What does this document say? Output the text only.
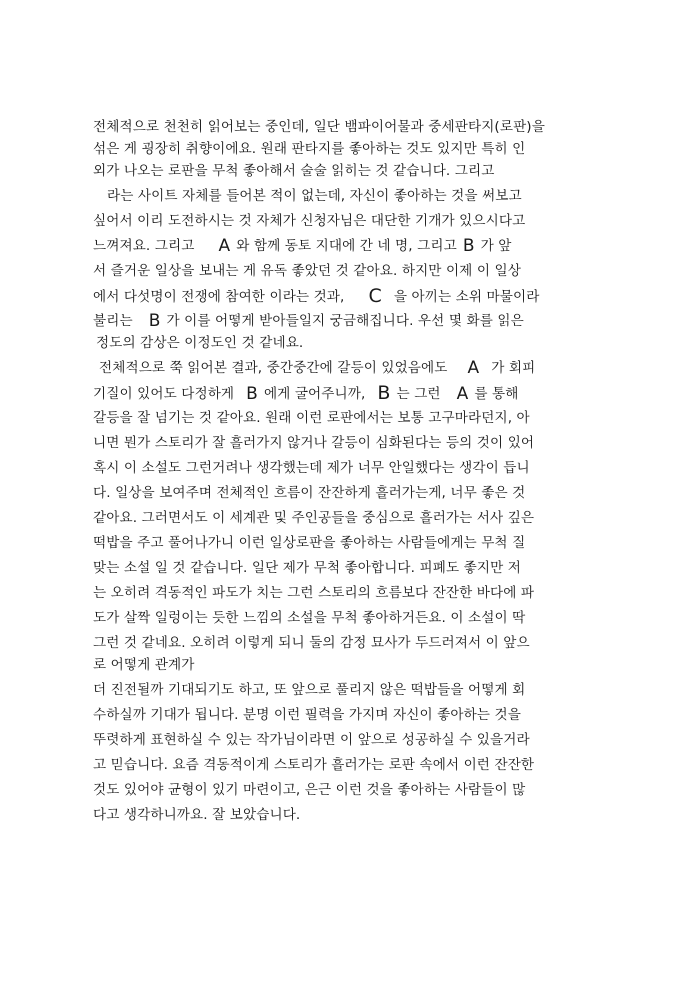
전체적으로 천천히 읽어보는 중인데, 일단 뱀파이어물과 중세판타지(로판)을
섞은 게 굉장히 취향이에요. 원래 판타지를 좋아하는 것도 있지만 특히 인
외가 나오는 로판을 무척 좋아해서 술술 읽히는 것 같습니다. 그리고
라는 사이트 자체를 들어본 적이 없는데, 자신이 좋아하는 것을 써보고
싶어서 이리 도전하시는 것 자체가 신청자님은 대단한 기개가 있으시다고
느껴져요. 그리고 A 와 함께 동토 지대에 간 네 명, 그리고 B 가 앞
서 즐거운 일상을 보내는 게 유독 좋았던 것 같아요. 하지만 이제 이 일상
에서 다섯명이 전쟁에 참여한 이라는 것과, C 을 아끼는 소위 마물이라
불리는 B 가 이를 어떻게 받아들일지 궁금해집니다. 우선 몇 화를 읽은
정도의 감상은 이정도인 것 같네요.
전체적으로 쭉 읽어본 결과, 중간중간에 갈등이 있었음에도 A 가 회피
기질이 있어도 다정하게 B 에게 굴어주니까, B 는 그런 A 를 통해
갈등을 잘 넘기는 것 같아요. 원래 이런 로판에서는 보통 고구마라던지, 아
니면 뭔가 스토리가 잘 흘러가지 않거나 갈등이 심화된다는 등의 것이 있어
혹시 이 소설도 그런거려나 생각했는데 제가 너무 안일했다는 생각이 듭니
다. 일상을 보여주며 전체적인 흐름이 잔잔하게 흘러가는게, 너무 좋은 것
같아요. 그러면서도 이 세계관 및 주인공들을 중심으로 흘러가는 서사 깊은
떡밥을 주고 풀어나가니 이런 일상로판을 좋아하는 사람들에게는 무척 질
맞는 소설 일 것 같습니다. 일단 제가 무척 좋아합니다. 피폐도 좋지만 저
는 오히려 격동적인 파도가 치는 그런 스토리의 흐름보다 잔잔한 바다에 파
도가 살짝 일렁이는 듯한 느낌의 소설을 무척 좋아하거든요. 이 소설이 딱
그런 것 같네요. 오히려 이렇게 되니 둘의 감정 묘사가 두드러져서 이 앞으
로 어떻게 관계가
더 진전될까 기대되기도 하고, 또 앞으로 풀리지 않은 떡밥들을 어떻게 회
수하실까 기대가 됩니다. 분명 이런 필력을 가지며 자신이 좋아하는 것을
뚜렷하게 표현하실 수 있는 작가님이라면 이 앞으로 성공하실 수 있을거라
고 믿습니다. 요즘 격동적이게 스토리가 흘러가는 로판 속에서 이런 잔잔한
것도 있어야 균형이 있기 마련이고, 은근 이런 것을 좋아하는 사람들이 많
다고 생각하니까요. 잘 보았습니다.
